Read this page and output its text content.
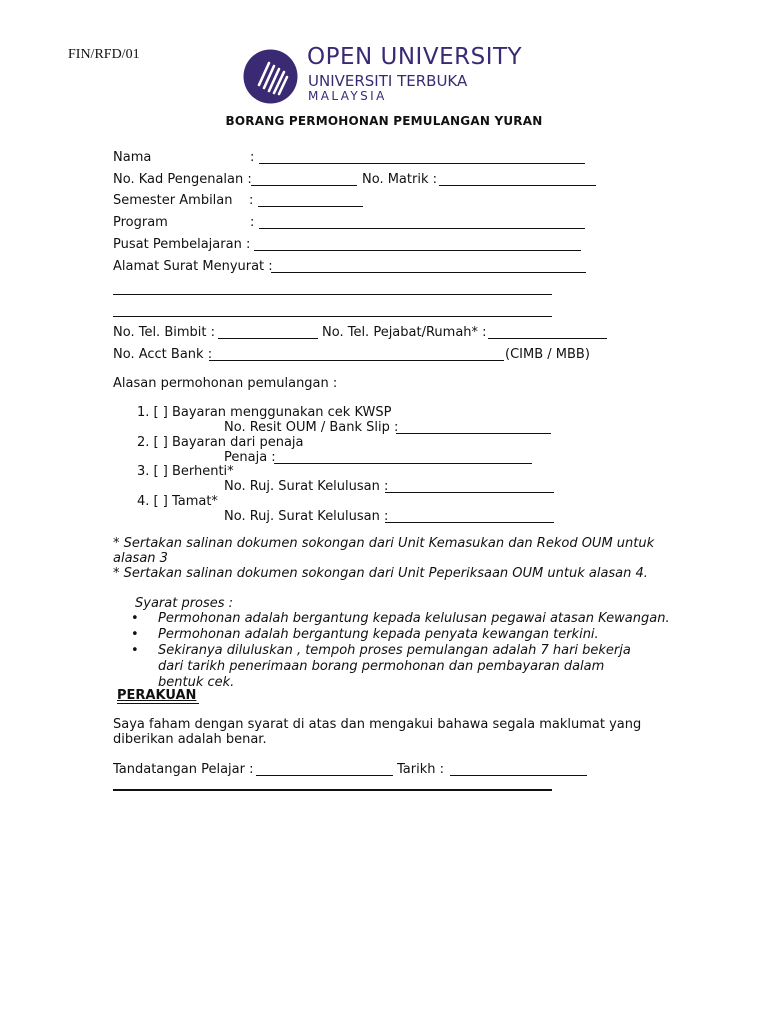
FIN/RFD/01	OPEN UNIVERSITY
UNIVERSITI TERBUKA
MALAYSIA
BORANG PERMOHONAN PEMULANGAN YURAN
Nama	:
No. Kad Pengenalan :	No. Matrik :
Semester Ambilan :
Program	:
Pusat Pembelajaran :
Alamat Surat Menyurat :
No. Tel. Bimbit :	No. Tel. Pejabat/Rumah* :
No. Acct Bank :	(CIMB / MBB)
Alasan permohonan pemulangan :
1. [ ] Bayaran menggunakan cek KWSP
No. Resit OUM / Bank Slip :
2. [ ] Bayaran dari penaja
Penaja :
3. [ ] Berhenti*
No. Ruj. Surat Kelulusan :
4. [ ] Tamat*
No. Ruj. Surat Kelulusan :
* Sertakan salinan dokumen sokongan dari Unit Kemasukan dan Rekod OUM untuk
alasan 3
* Sertakan salinan dokumen sokongan dari Unit Peperiksaan OUM untuk alasan 4.
Syarat proses :
• Permohonan adalah bergantung kepada kelulusan pegawai atasan Kewangan.
• Permohonan adalah bergantung kepada penyata kewangan terkini.
• Sekiranya diluluskan , tempoh proses pemulangan adalah 7 hari bekerja dari tarikh penerimaan borang permohonan dan pembayaran dalam bentuk cek.
PERAKUAN
Saya faham dengan syarat di atas dan mengakui bahawa segala maklumat yang
diberikan adalah benar.
Tandatangan Pelajar :	Tarikh :
